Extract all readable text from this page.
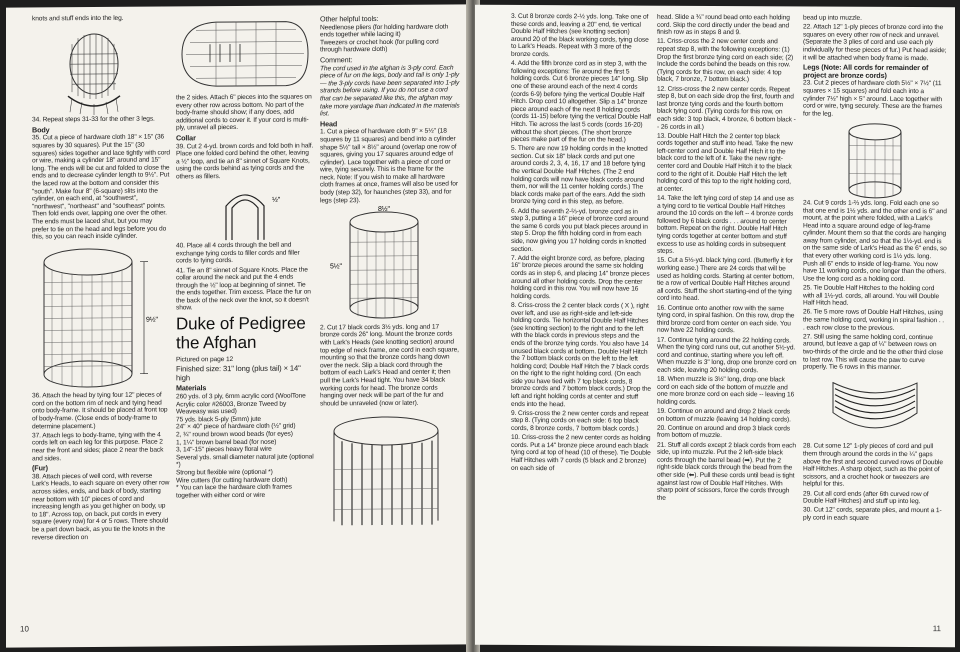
knots and stuff ends into the leg.

34. Repeat steps 31-33 for the other 3 legs.

Body

35. Cut a piece of hardware cloth 18" × 15" (36 squares by 30 squares). Put the 15" (30 squares) sides together and lace tightly with cord or wire, making a cylinder 18" around and 15" long. The ends will be cut and folded to close the ends and to decrease cylinder length to 9½". Put the laced row at the bottom and consider this "south". Make four 8" (6-square) slits into the cylinder, on each end, at "southwest", "northwest", "northeast" and "southeast" points. Then fold ends over, lapping one over the other. The ends must be laced shut, but you may prefer to tie on the head and legs before you do this, so you can reach inside cylinder.

9½"

36. Attach the head by tying four 12" pieces of cord on the bottom rim of neck and tying head onto body-frame. It should be placed at front top of body-frame. (Close ends of body-frame to determine placement.)

37. Attach legs to body-frame, tying with the 4 cords left on each leg for this purpose. Place 2 near the front and sides; place 2 near the back and sides.

(Fur)

38. Attach pieces of well cord, with reverse Lark's Heads, to each square on every other row across sides, ends, and back of body, starting near bottom with 10" pieces of cord and increasing length as you get higher on body, up to 18". Across top, on back, put cords in every square (every row) for 4 or 5 rows. There should be a part down back, as you tie the knots in the reverse direction on

the 2 sides. Attach 6" pieces into the squares on every other row across bottom. No part of the body-frame should show; if any does, add additional cords to cover it. If your cord is multi-ply, unravel all pieces.

Collar

39. Cut 2 4-yd. brown cords and fold both in half. Place one folded cord behind the other, leaving a ½" loop, and tie an 8" sinnet of Square Knots, using the cords behind as tying cords and the others as fillers.

½"

40. Place all 4 cords through the bell and exchange tying cords to filler cords and filler cords to tying cords.

41. Tie an 8" sinnet of Square Knots. Place the collar around the neck and put the 4 ends through the ½" loop at beginning of sinnet. Tie the ends together. Trim excess. Place the fur on the back of the neck over the knot, so it doesn't show.

Duke of Pedigree the Afghan

Pictured on page 12

Finished size: 31" long (plus tail) × 14" high

Materials

260 yds. of 3 ply, 6mm acrylic cord (WoolTone Acrylic color #26003, Bronze Tweed by Weaveasy was used)
75 yds. black 5-ply (5mm) jute
24" × 40" piece of hardware cloth (½" grid)
2, ¾" round brown wood beads (for eyes)
1, 1¼" brown barrel bead (for nose)
3, 14"-15" pieces heavy floral wire
Several yds. small diameter natural jute (optional *)
Strong but flexible wire (optional *)
Wire cutters (for cutting hardware cloth)
* You can lace the hardware cloth frames together with either cord or wire

Other helpful tools:

Needlenose pliers (for holding hardware cloth ends together while lacing it)
Tweezers or crochet hook (for pulling cord through hardware cloth)

Comment:

The cord used in the afghan is 3-ply cord. Each piece of fur on the legs, body and tail is only 1-ply — the 3-ply cords have been separated into 1-ply strands before using. If you do not use a cord that can be separated like this, the afghan may take more yardage than indicated in the materials list.

Head

1. Cut a piece of hardware cloth 9" × 5½" (18 squares by 11 squares) and bend into a cylinder shape 5½" tall × 8½" around (overlap one row of squares, giving you 17 squares around edge of cylinder). Lace together with a piece of cord or wire, tying securely. This is the frame for the neck. Note: If you wish to make all hardware cloth frames at once, frames will also be used for body (step 32), for haunches (step 33), and for legs (step 23).

8½"
5½"

2. Cut 17 black cords 3½ yds. long and 17 bronze cords 26" long. Mount the bronze cords with Lark's Heads (see knotting section) around top edge of neck frame, one cord in each square, mounting so that the bronze cords hang down over the neck. Slip a black cord through the bottom of each Lark's Head and center it; then pull the Lark's Head tight. You have 34 black working cords for head. The bronze cords hanging over neck will be part of the fur and should be unraveled (now or later).

10

3. Cut 8 bronze cords 2-½ yds. long. Take one of these cords and, leaving a 20" end, tie vertical Double Half Hitches (see knotting section) around 20 of the black working cords, tying close to Lark's Heads. Repeat with 3 more of the bronze cords.

4. Add the fifth bronze cord as in step 3, with the following exceptions: Tie around the first 5 holding cords. Cut 6 bronze pieces 14" long. Slip one of these around each of the next 4 cords (cords 6-9) before tying the vertical Double Half Hitch. Drop cord 10 altogether. Slip a 14" bronze piece around each of the next 8 holding cords (cords 11-15) before tying the vertical Double Half Hitch. Tie across the last 5 cords (cords 16-20) without the short pieces. (The short bronze pieces make part of the fur on the head.)

5. There are now 19 holding cords in the knotted section. Cut six 18" black cords and put one around cords 2, 3, 4, 16, 17 and 18 before tying the vertical Double Half Hitches. (The 2 end holding cords will now have black cords around them, nor will the 11 center holding cords.) The black cords make part of the ears. Add the sixth bronze tying cord in this step, as before.

6. Add the seventh 2-⅔-yd. bronze cord as in step 3, putting a 16" piece of bronze cord around the same 6 cords you put black pieces around in step 5. Drop the fifth holding cord in from each side, now giving you 17 holding cords in knotted section.

7. Add the eight bronze cord, as before, placing 16" bronze pieces around the same six holding cords as in step 6, and placing 14" bronze pieces around all other holding cords. Drop the center holding cord in this row. You will now have 16 holding cords.

8. Criss-cross the 2 center black cords ( X ), right over left, and use as right-side and left-side holding cords. Tie horizontal Double Half Hitches (see knotting section) to the right and to the left with the black cords in previous steps and the ends of the bronze tying cords. You also have 14 unused black cords at bottom. Double Half Hitch the 7 bottom black cords on the left to the left holding cord; Double Half Hitch the 7 black cords on the right to the right holding cord. (On each side you have tied with 7 top black cords, 8 bronze cords and 7 bottom black cords.) Drop the left and right holding cords at center and stuff ends into the head.

9. Criss-cross the 2 new center cords and repeat step 8. (Tying cords on each side: 6 top black cords, 8 bronze cords, 7 bottom black cords.)

10. Criss-cross the 2 new center cords as holding cords. Put a 14" bronze piece around each black tying cord at top of head (10 of these). Tie Double Half Hitches with 7 cords (5 black and 2 bronze) on each side of

head. Slide a ¾" round bead onto each holding cord. Skip the cord directly under the bead and finish row as in steps 8 and 9.

11. Criss-cross the 2 new center cords and repeat step 8, with the following exceptions: (1) Drop the first bronze tying cord on each side; (2) Include the cords behind the beads on this row. (Tying cords for this row, on each side: 4 top black, 7 bronze, 7 bottom black.)

12. Criss-cross the 2 new center cords. Repeat step 8, but on each side drop the first, fourth and last bronze tying cords and the fourth bottom black tying cord. (Tying cords for this row, on each side: 3 top black, 4 bronze, 6 bottom black -- 26 cords in all.)

13. Double Half Hitch the 2 center top black cords together and stuff into head. Take the new left-center cord and Double Half Hitch it to the black cord to the left of it. Take the new right-center cord and Double Half Hitch it to the black cord to the right of it. Double Half Hitch the left holding cord of this top to the right holding cord, at center.

14. Take the left tying cord of step 14 and use as a tying cord to tie vertical Double Half Hitches around the 10 cords on the left -- 4 bronze cords followed by 6 black cords . . . around to center bottom. Repeat on the right. Double Half Hitch tying cords together at center bottom and stuff excess to use as holding cords in subsequent steps.

15. Cut a 5½-yd. black tying cord. (Butterfly it for working ease.) There are 24 cords that will be used as holding cords. Starting at center bottom, tie a row of vertical Double Half Hitches around all cords. Stuff the short starting-end of the tying cord into head.

16. Continue onto another row with the same tying cord, in spiral fashion. On this row, drop the third bronze cord from center on each side. You now have 22 holding cords.

17. Continue tying around the 22 holding cords. When the tying cord runs out, cut another 5½-yd. cord and continue, starting where you left off. When muzzle is 3" long, drop one bronze cord on each side, leaving 20 holding cords.

18. When muzzle is 3½" long, drop one black cord on each side of the bottom of muzzle and one more bronze cord on each side -- leaving 16 holding cords.

19. Continue on around and drop 2 black cords on bottom of muzzle (leaving 14 holding cords).

20. Continue on around and drop 3 black cords from bottom of muzzle.

21. Stuff all cords except 2 black cords from each side, up into muzzle. Put the 2 left-side black cords through the barrel bead (➡). Put the 2 right-side black cords through the bead from the other side (⬅). Pull these cords until bead is tight against last row of Double Half Hitches. With sharp point of scissors, force the cords through the

bead up into muzzle.

22. Attach 12" 1-ply pieces of bronze cord into the squares on every other row of neck and unravel. (Separate the 3 plies of cord and use each ply individually for these pieces of fur.) Put head aside; it will be attached when body frame is made.

Legs (Note: All cords for remainder of project are bronze cords)

23. Cut 2 pieces of hardware cloth 5½" × 7½" (11 squares × 15 squares) and fold each into a cylinder 7½" high × 5" around. Lace together with cord or wire, tying securely. These are the frames for the leg.

24. Cut 9 cords 1-⅔ yds. long. Fold each one so that one end is 1½ yds. and the other end is 6" and mount, at the point where folded, with a Lark's Head into a square around edge of leg-frame cylinder. Mount them so that the cords are hanging away from cylinder, and so that the 1½-yd. end is on the same side of Lark's Head as the 6" ends, so that every other working cord is 1½ yds. long. Push all 6" ends to inside of leg-frame. You now have 11 working cords, one longer than the others. Use the long cord as a holding cord.

25. Tie Double Half Hitches to the holding cord with all 1½-yd. cords, all around. You will Double Half Hitch head.

26. Tie 5 more rows of Double Half Hitches, using the same holding cord, working in spiral fashion . . . each row close to the previous.

27. Still using the same holding cord, continue around, but leave a gap of ¼" between rows on two-thirds of the circle and tie the other third close to last row. This will cause the paw to curve properly. Tie 6 rows in this manner.

28. Cut some 12" 1-ply pieces of cord and pull them through around the cords in the ¼" gaps above the first and second curved rows of Double Half Hitches. A sharp object, such as the point of scissors, and a crochet hook or tweezers are helpful for this.

29. Cut all cord ends (after 6th curved row of Double Half Hitches) and stuff up into leg.

30. Cut 12" cords, separate plies, and mount a 1-ply cord in each square

11
